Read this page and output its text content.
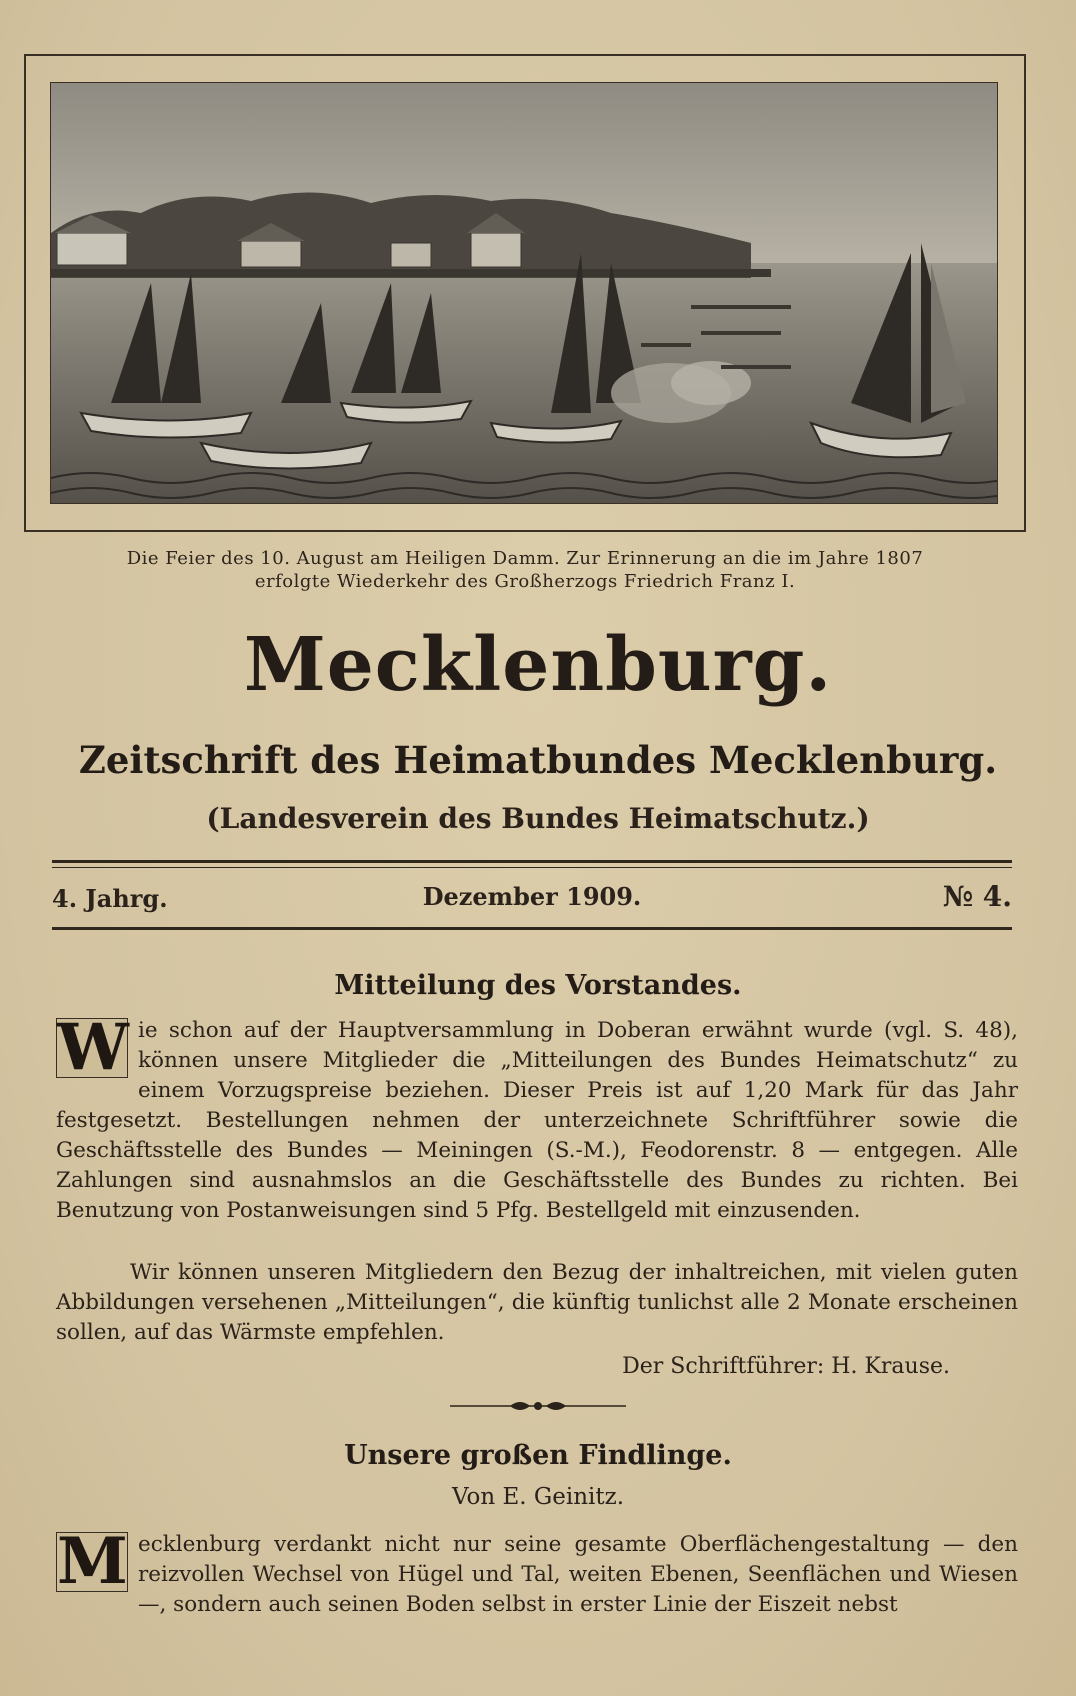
Die Feier des 10. August am Heiligen Damm. Zur Erinnerung an die im Jahre 1807
erfolgte Wiederkehr des Großherzogs Friedrich Franz I.
Mecklenburg.
Zeitschrift des Heimatbundes Mecklenburg.
(Landesverein des Bundes Heimatschutz.)
4. Jahrg.	Dezember 1909.	№ 4.
Mitteilung des Vorstandes.
W ie schon auf der Hauptversammlung in Doberan erwähnt wurde (vgl. S. 48), können unsere Mitglieder die „Mitteilungen des Bundes Heimatschutz“ zu einem Vorzugspreise beziehen. Dieser Preis ist auf 1,20 Mark für das Jahr festgesetzt. Bestellungen nehmen der unterzeichnete Schriftführer sowie die Geschäftsstelle des Bundes — Meiningen (S.-M.), Feodorenstr. 8 — entgegen. Alle Zahlungen sind ausnahmslos an die Geschäftsstelle des Bundes zu richten. Bei Benutzung von Postanweisungen sind 5 Pfg. Bestellgeld mit einzusenden.
Wir können unseren Mitgliedern den Bezug der inhaltreichen, mit vielen guten Abbildungen versehenen „Mitteilungen“, die künftig tunlichst alle 2 Monate erscheinen sollen, auf das Wärmste empfehlen.
Der Schriftführer: H. Krause.
Unsere großen Findlinge.
Von E. Geinitz.
M ecklenburg verdankt nicht nur seine gesamte Oberflächengestaltung — den reizvollen Wechsel von Hügel und Tal, weiten Ebenen, Seenflächen und Wiesen —, sondern auch seinen Boden selbst in erster Linie der Eiszeit nebst
